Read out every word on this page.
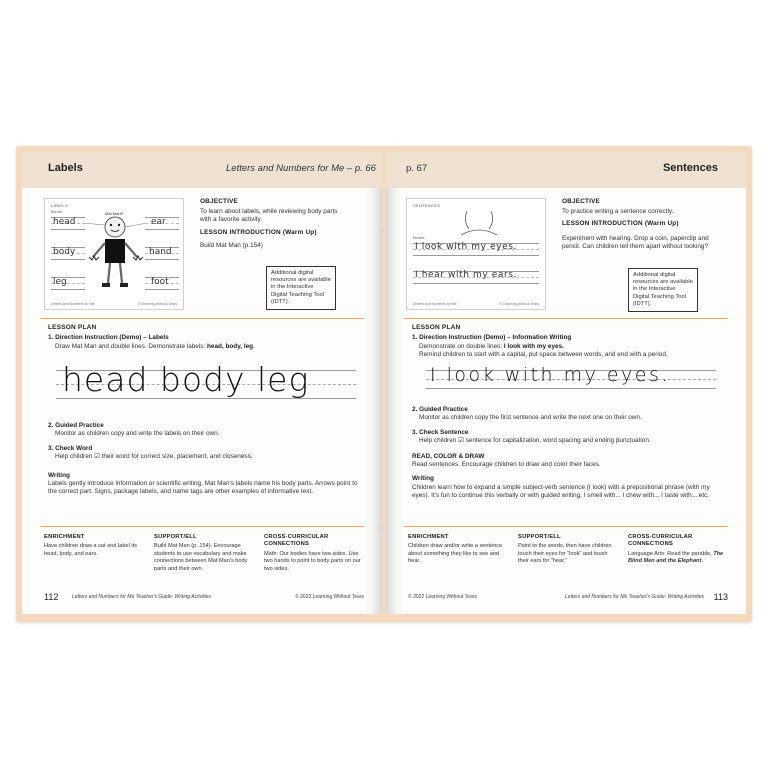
Labels	Letters and Numbers for Me – p. 66
LABELS
Name	Mat Man®
head
body
leg
ear
hand
foot
Letters and Numbers for Me	© Learning Without Tears
OBJECTIVE
To learn about labels, while reviewing body parts with a favorite activity.
LESSON INTRODUCTION (Warm Up)
Build Mat Man (p.154)
Additional digital resources are available in the Interactive Digital Teaching Tool (IDTT).
LESSON PLAN
1. Direction Instruction (Demo) – Labels
Draw Mat Man and double lines. Demonstrate labels: head, body, leg.
head body leg
2. Guided Practice
Monitor as children copy and write the labels on their own.
3. Check Word
Help children ☑ their word for correct size, placement, and closeness.
Writing
Labels gently introduce information or scientific writing. Mat Man's labels name his body parts. Arrows point to the correct part. Signs, package labels, and name tags are other examples of informative text.
ENRICHMENT
Have children draw a cat and label its head, body, and ears.
SUPPORT/ELL
Build Mat Man (p. 154). Encourage students to use vocabulary and make connections between Mat Man's body parts and their own.
CROSS-CURRICULAR CONNECTIONS
Math: Our bodies have two sides. Use two hands to point to body parts on our two sides.
112	Letters and Numbers for Me Teacher's Guide: Writing Activities	© 2022 Learning Without Tears
p. 67	Sentences
SENTENCES
Name
I look with my eyes.
I hear with my ears.
Letters and Numbers for Me	© Learning Without Tears
OBJECTIVE
To practice writing a sentence correctly.
LESSON INTRODUCTION (Warm Up)
Experiment with hearing. Drop a coin, paperclip and pencil. Can children tell them apart without looking?
Additional digital resources are available in the Interactive Digital Teaching Tool (IDTT).
LESSON PLAN
1. Direction Instruction (Demo) – Information Writing
Demonstrate on double lines: I look with my eyes.
Remind children to start with a capital, put space between words, and end with a period.
I look with my eyes.
2. Guided Practice
Monitor as children copy the first sentence and write the next one on their own.
3. Check Sentence
Help children ☑ sentence for capitalization, word spacing and ending punctuation.
READ, COLOR & DRAW
Read sentences. Encourage children to draw and color their faces.
Writing
Children learn how to expand a simple subject-verb sentence (I look) with a prepositional phrase (with my eyes). It's fun to continue this verbally or with guided writing. I smell with... I chew with... I taste with....etc.
ENRICHMENT
Children draw and/or write a sentence about something they like to see and hear.
SUPPORT/ELL
Point to the words, then have children touch their eyes for "look" and touch their ears for "hear."
CROSS-CURRICULAR CONNECTIONS
Language Arts: Read the parable, The Blind Men and the Elephant.
© 2022 Learning Without Tears	Letters and Numbers for Me Teacher's Guide: Writing Activities 113
